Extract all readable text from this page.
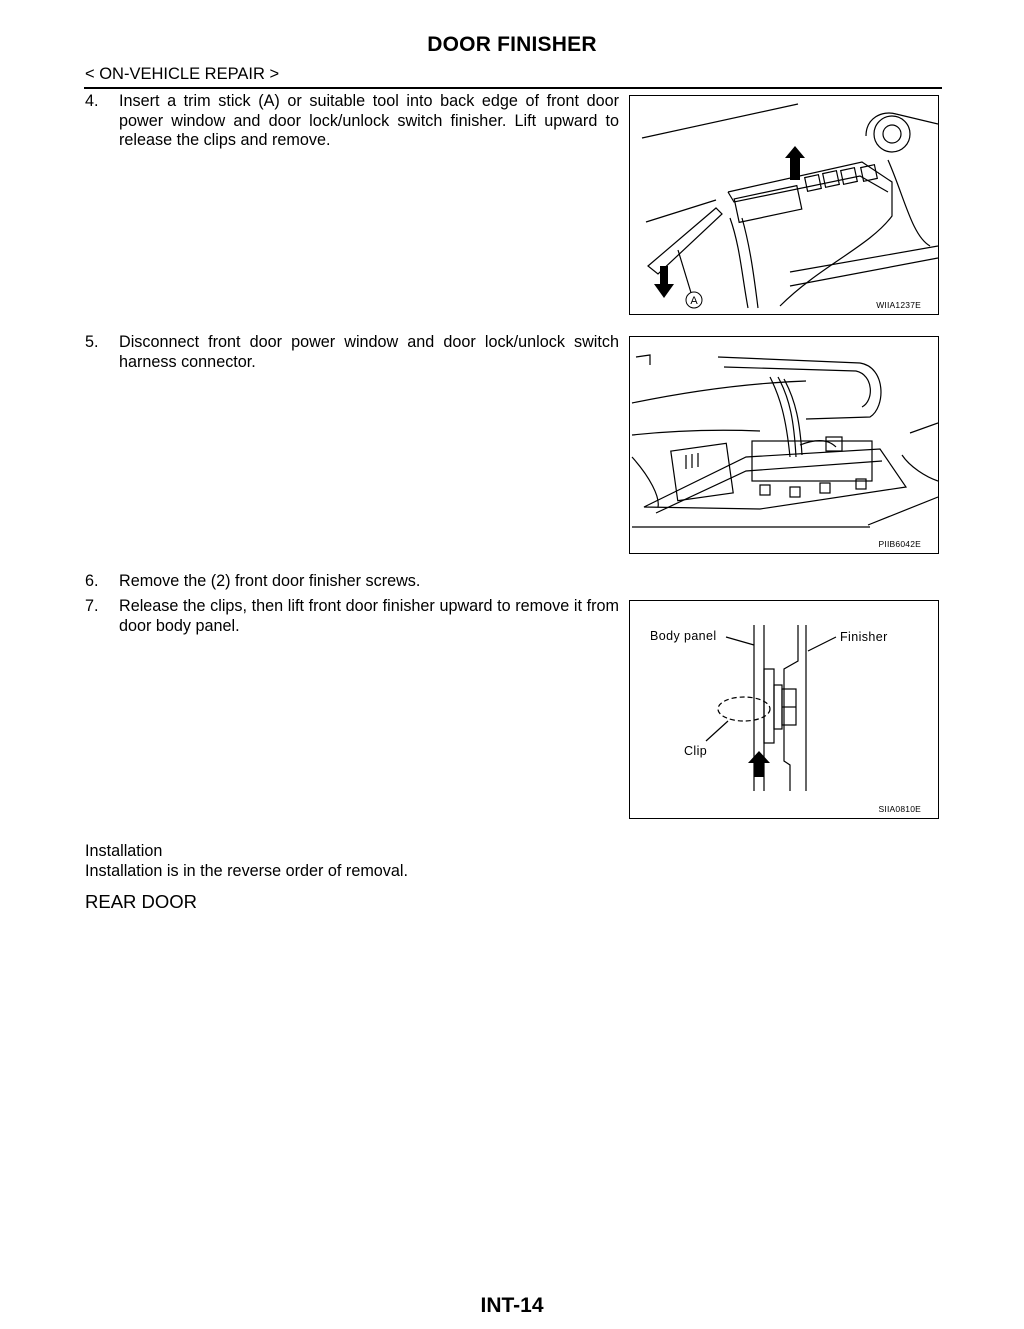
DOOR FINISHER
< ON-VEHICLE REPAIR >
4. Insert a trim stick (A) or suitable tool into back edge of front door power window and door lock/unlock switch finisher. Lift upward to release the clips and remove.
A	WIIA1237E
5. Disconnect front door power window and door lock/unlock switch harness connector.
PIIB6042E
6. Remove the (2) front door finisher screws.
7. Release the clips, then lift front door finisher upward to remove it from door body panel.
Body panel	Finisher
Clip
SIIA0810E
Installation
Installation is in the reverse order of removal.
REAR DOOR
INT-14
